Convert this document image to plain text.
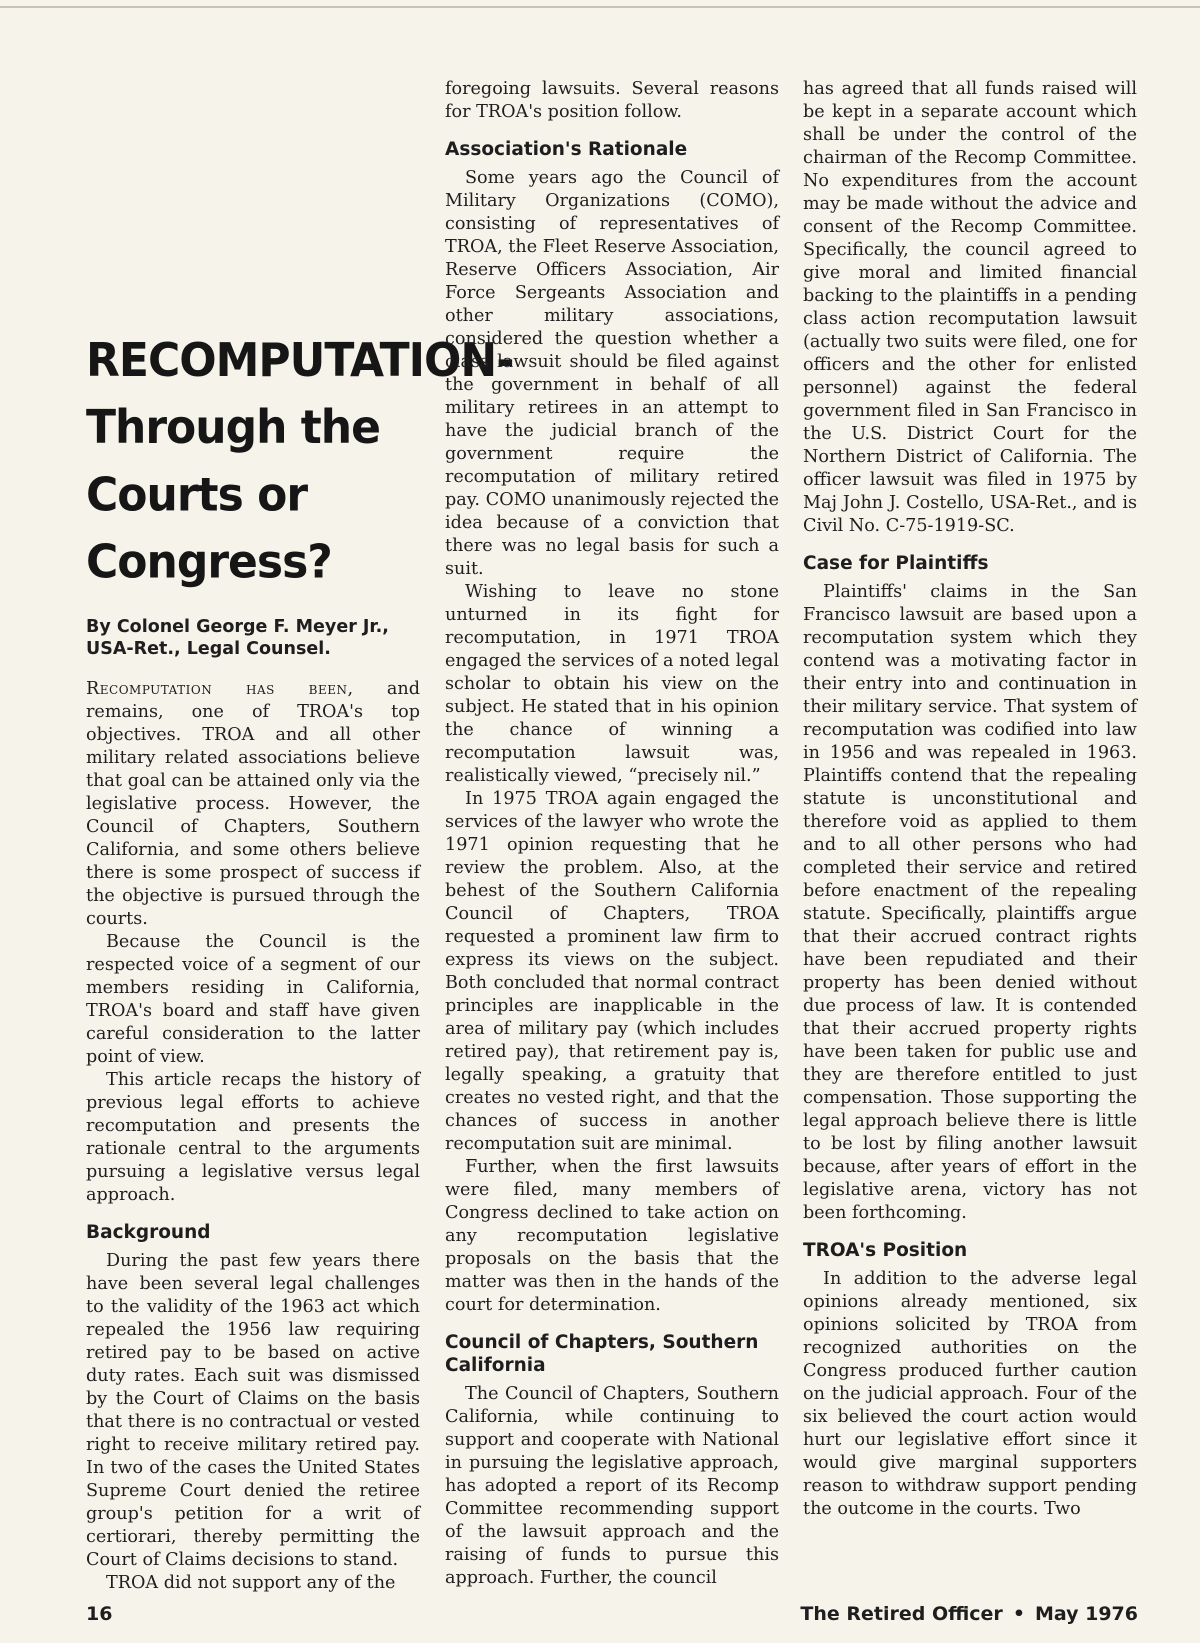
RECOMPUTATION-
Through the
Courts or
Congress?
By Colonel George F. Meyer Jr.,
USA-Ret., Legal Counsel.

Recomputation has been, and remains, one of TROA's top objectives. TROA and all other military related associations believe that goal can be attained only via the legislative process. However, the Council of Chapters, Southern California, and some others believe there is some prospect of success if the objective is pursued through the courts.

Because the Council is the respected voice of a segment of our members residing in California, TROA's board and staff have given careful consideration to the latter point of view.

This article recaps the history of previous legal efforts to achieve recomputation and presents the rationale central to the arguments pursuing a legislative versus legal approach.

Background

During the past few years there have been several legal challenges to the validity of the 1963 act which repealed the 1956 law requiring retired pay to be based on active duty rates. Each suit was dismissed by the Court of Claims on the basis that there is no contractual or vested right to receive military retired pay. In two of the cases the United States Supreme Court denied the retiree group's petition for a writ of certiorari, thereby permitting the Court of Claims decisions to stand.

TROA did not support any of the

foregoing lawsuits. Several reasons for TROA's position follow.

Association's Rationale

Some years ago the Council of Military Organizations (COMO), consisting of representatives of TROA, the Fleet Reserve Association, Reserve Officers Association, Air Force Sergeants Association and other military associations, considered the question whether a class lawsuit should be filed against the government in behalf of all military retirees in an attempt to have the judicial branch of the government require the recomputation of military retired pay. COMO unanimously rejected the idea because of a conviction that there was no legal basis for such a suit.

Wishing to leave no stone unturned in its fight for recomputation, in 1971 TROA engaged the services of a noted legal scholar to obtain his view on the subject. He stated that in his opinion the chance of winning a recomputation lawsuit was, realistically viewed, “precisely nil.”

In 1975 TROA again engaged the services of the lawyer who wrote the 1971 opinion requesting that he review the problem. Also, at the behest of the Southern California Council of Chapters, TROA requested a prominent law firm to express its views on the subject. Both concluded that normal contract principles are inapplicable in the area of military pay (which includes retired pay), that retirement pay is, legally speaking, a gratuity that creates no vested right, and that the chances of success in another recomputation suit are minimal.

Further, when the first lawsuits were filed, many members of Congress declined to take action on any recomputation legislative proposals on the basis that the matter was then in the hands of the court for determination.

Council of Chapters, Southern California

The Council of Chapters, Southern California, while continuing to support and cooperate with National in pursuing the legislative approach, has adopted a report of its Recomp Committee recommending support of the lawsuit approach and the raising of funds to pursue this approach. Further, the council

has agreed that all funds raised will be kept in a separate account which shall be under the control of the chairman of the Recomp Committee. No expenditures from the account may be made without the advice and consent of the Recomp Committee. Specifically, the council agreed to give moral and limited financial backing to the plaintiffs in a pending class action recomputation lawsuit (actually two suits were filed, one for officers and the other for enlisted personnel) against the federal government filed in San Francisco in the U.S. District Court for the Northern District of California. The officer lawsuit was filed in 1975 by Maj John J. Costello, USA-Ret., and is Civil No. C-75-1919-SC.

Case for Plaintiffs

Plaintiffs' claims in the San Francisco lawsuit are based upon a recomputation system which they contend was a motivating factor in their entry into and continuation in their military service. That system of recomputation was codified into law in 1956 and was repealed in 1963. Plaintiffs contend that the repealing statute is unconstitutional and therefore void as applied to them and to all other persons who had completed their service and retired before enactment of the repealing statute. Specifically, plaintiffs argue that their accrued contract rights have been repudiated and their property has been denied without due process of law. It is contended that their accrued property rights have been taken for public use and they are therefore entitled to just compensation. Those supporting the legal approach believe there is little to be lost by filing another lawsuit because, after years of effort in the legislative arena, victory has not been forthcoming.

TROA's Position

In addition to the adverse legal opinions already mentioned, six opinions solicited by TROA from recognized authorities on the Congress produced further caution on the judicial approach. Four of the six believed the court action would hurt our legislative effort since it would give marginal supporters reason to withdraw support pending the outcome in the courts. Two

16	The Retired Officer • May 1976
